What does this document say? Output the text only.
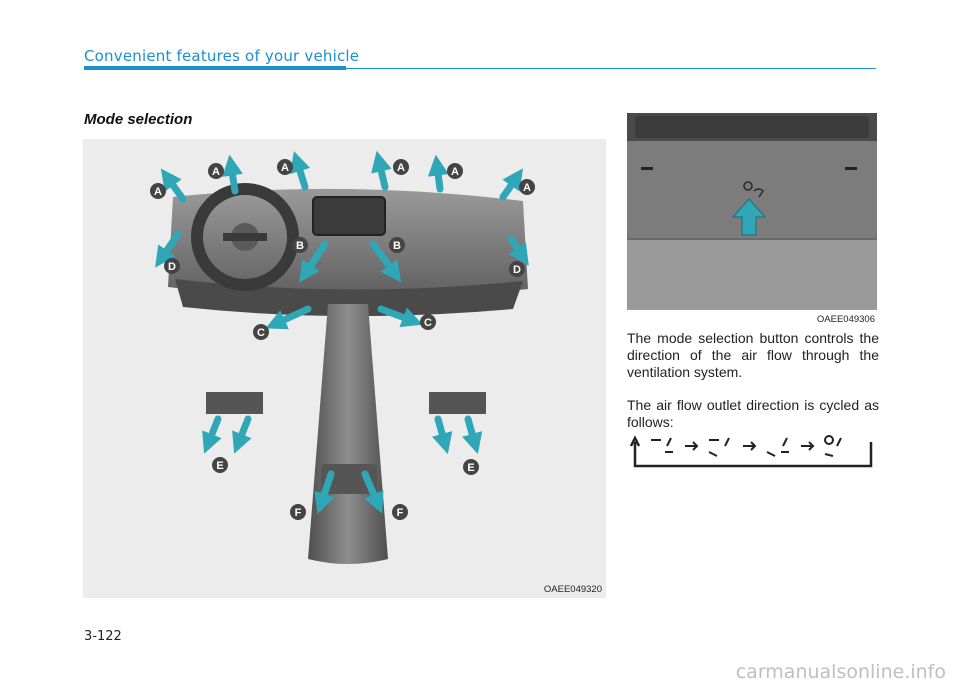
Convenient features of your vehicle
Mode selection
A
A	A	A	A
A
B	B
C
C
D	D
E	E
F	F
OAEE049320
OAEE049306

The mode selection button controls the direction of the air flow through the ventilation system.

The air flow outlet direction is cycled as follows:

3-122
carmanualsonline.info
